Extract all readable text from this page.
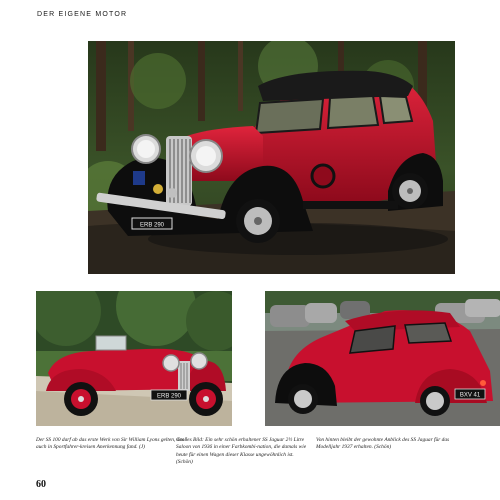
DER EIGENE MOTOR
ERB 290
ERB 290	BXV 41
Der SS 100 darf ab das erste Werk von Sir William Lyons gelten, das auch in Sportfahrer-kreisen Anerkennung fand. (J)
Großes Bild: Ein sehr schön erhaltener SS Jaguar 2½ Litre Saloon von 1936 in einer Farbkombi-nation, die damals wie heute für einen Wagen dieser Klasse ungewöhnlich ist. (Schön)
Von hinten bleibt der gewohnte Anblick des SS Jaguar für das Modelljahr 1937 erhalten. (Schön)
60
